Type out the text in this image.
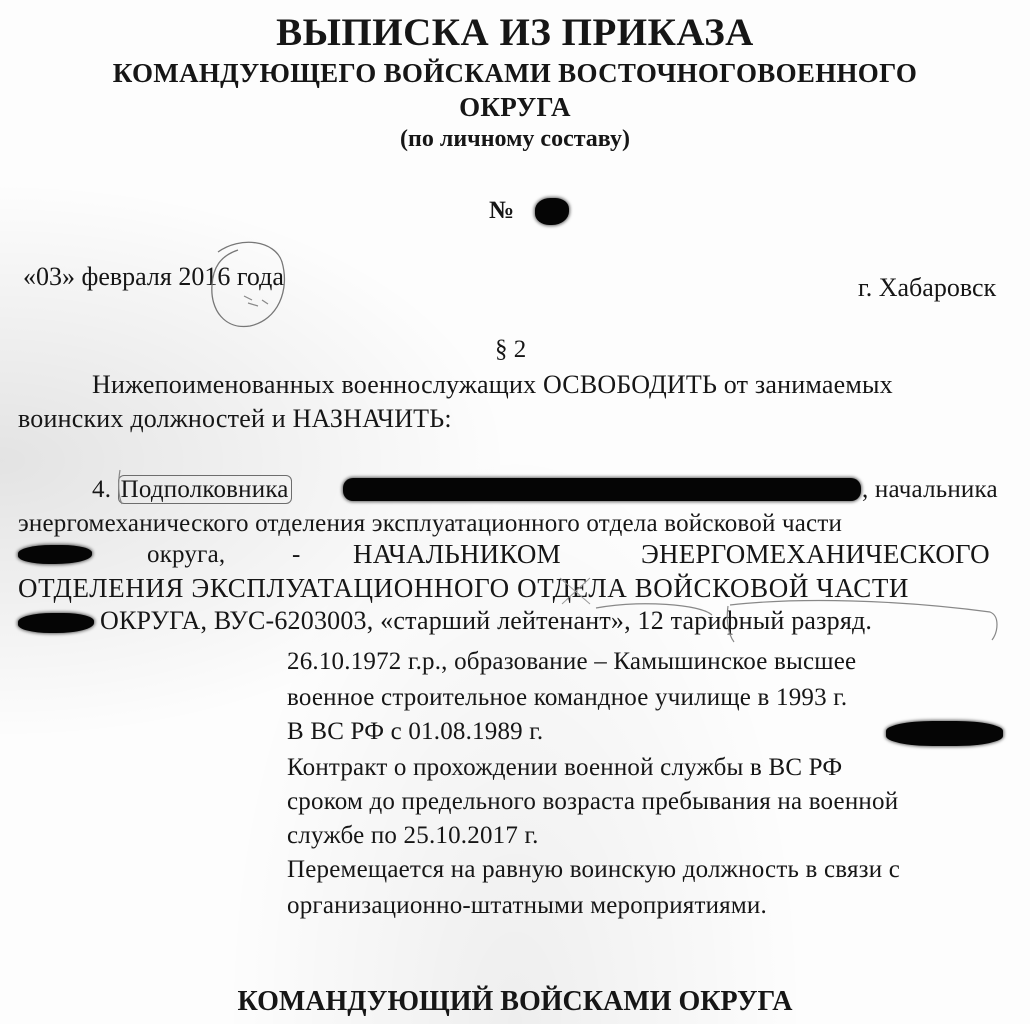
ВЫПИСКА ИЗ ПРИКАЗА
КОМАНДУЮЩЕГО ВОЙСКАМИ ВОСТОЧНОГОВОЕННОГО
ОКРУГА
(по личному составу)
№
«03» февраля 2016 года	г. Хабаровск
§ 2
Нижепоименованных военнослужащих ОСВОБОДИТЬ от занимаемых
воинских должностей и НАЗНАЧИТЬ:
4. Подполковника	, начальника
энергомеханического отделения эксплуатационного отдела войсковой части
округа,	- НАЧАЛЬНИКОМ	ЭНЕРГОМЕХАНИЧЕСКОГО
ОТДЕЛЕНИЯ ЭКСПЛУАТАЦИОННОГО ОТДЕЛА ВОЙСКОВОЙ ЧАСТИ
ОКРУГА, ВУС-6203003, «старший лейтенант», 12 тарифный разряд.
26.10.1972 г.р., образование – Камышинское высшее
военное строительное командное училище в 1993 г.
В ВС РФ с 01.08.1989 г.
Контракт о прохождении военной службы в ВС РФ
сроком до предельного возраста пребывания на военной
службе по 25.10.2017 г.
Перемещается на равную воинскую должность в связи с
организационно-штатными мероприятиями.
КОМАНДУЮЩИЙ ВОЙСКАМИ ОКРУГА
